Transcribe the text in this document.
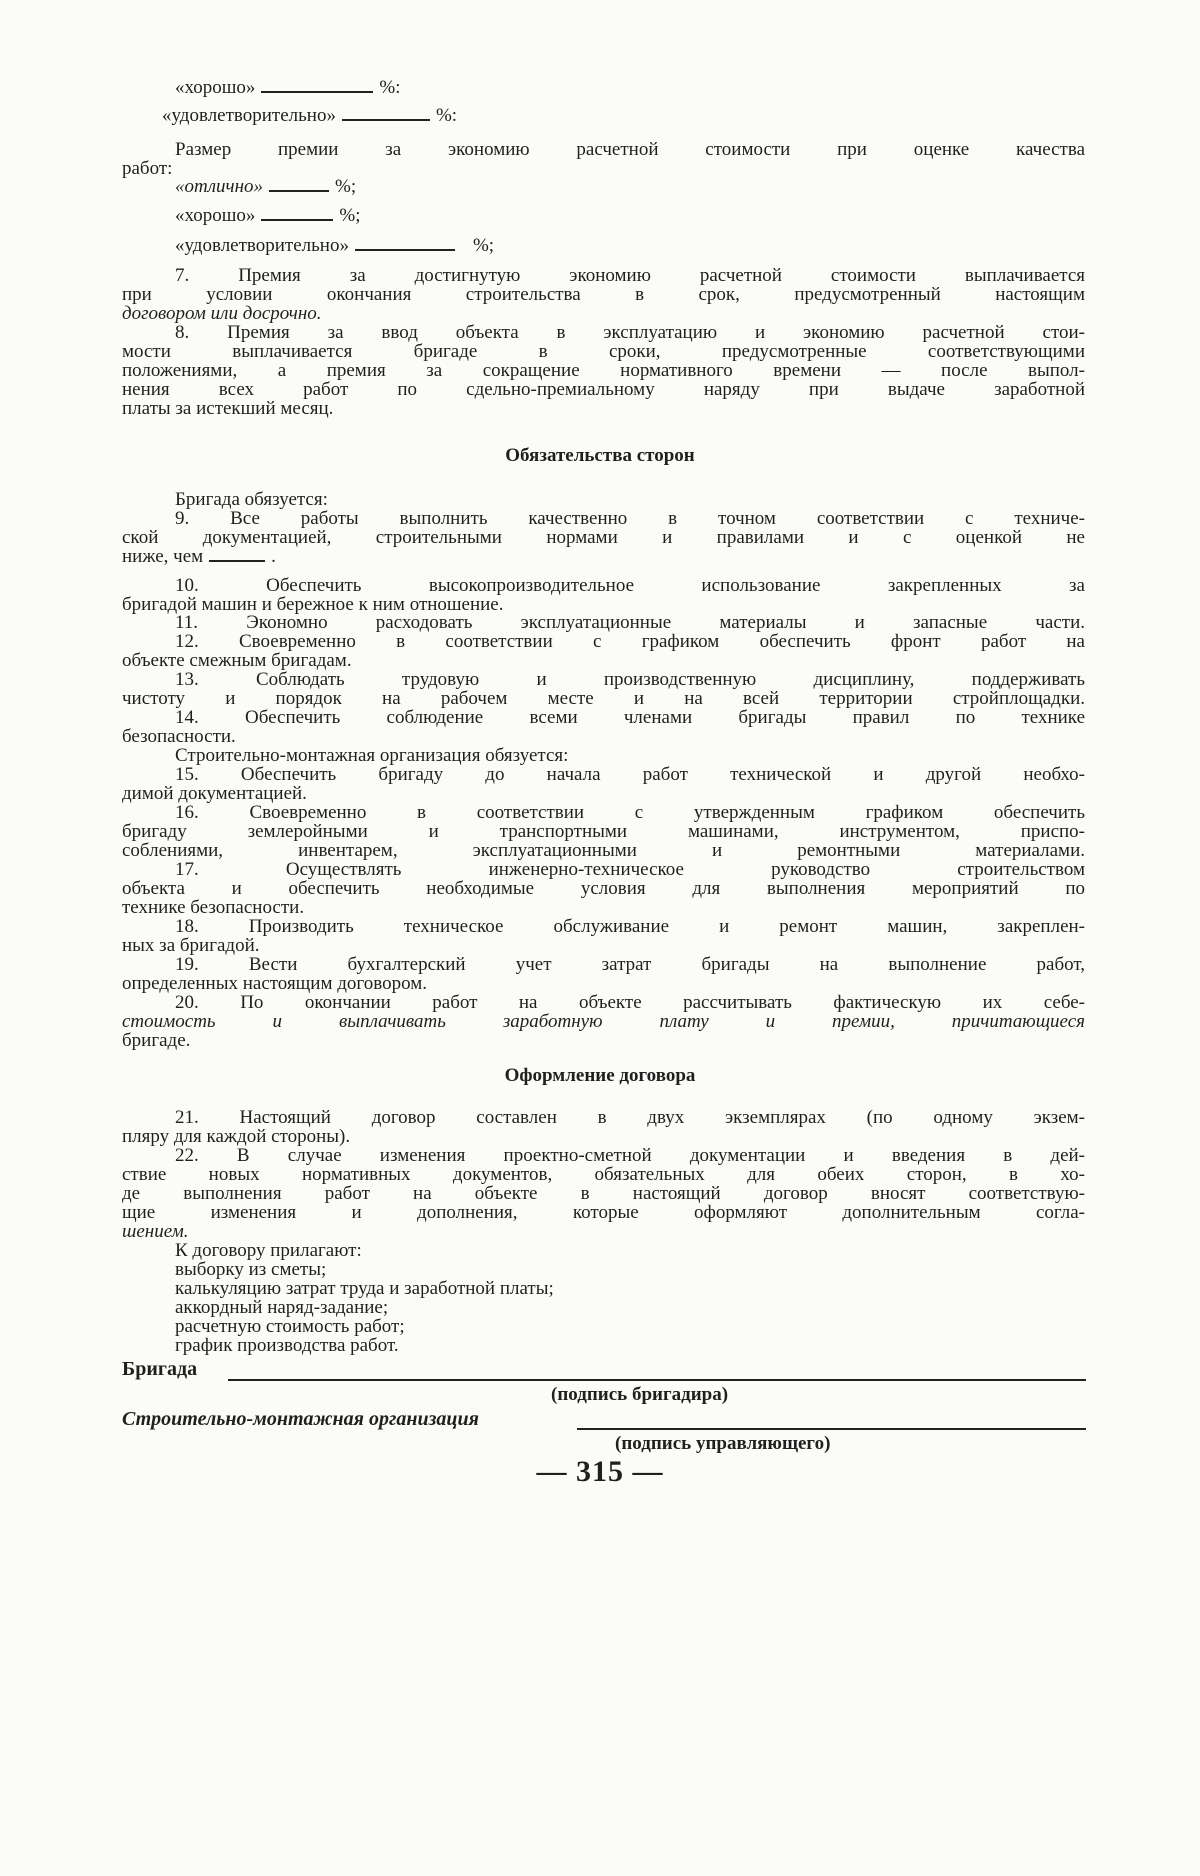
«хорошо»	%:
«удовлетворительно»	%:
Размер премии за экономию расчетной стоимости при оценке качества
работ:
«отлично»	%;
«хорошо»	%;
«удовлетворительно»	%;
7. Премия за достигнутую экономию расчетной стоимости выплачивается
при условии окончания строительства в срок, предусмотренный настоящим
договором или досрочно.
8. Премия за ввод объекта в эксплуатацию и экономию расчетной стои-
мости выплачивается бригаде в сроки, предусмотренные соответствующими
положениями, а премия за сокращение нормативного времени — после выпол-
нения всех работ по сдельно-премиальному наряду при выдаче заработной
платы за истекший месяц.
Обязательства сторон
Бригада обязуется:
9. Все работы выполнить качественно в точном соответствии с техниче-
ской документацией, строительными нормами и правилами и с оценкой не
ниже, чем	.
10. Обеспечить высокопроизводительное использование закрепленных за
бригадой машин и бережное к ним отношение.
11. Экономно расходовать эксплуатационные материалы и запасные части.
12. Своевременно в соответствии с графиком обеспечить фронт работ на
объекте смежным бригадам.
13. Соблюдать трудовую и производственную дисциплину, поддерживать
чистоту и порядок на рабочем месте и на всей территории стройплощадки.
14. Обеспечить соблюдение всеми членами бригады правил по технике
безопасности.
Строительно-монтажная организация обязуется:
15. Обеспечить бригаду до начала работ технической и другой необхо-
димой документацией.
16. Своевременно в соответствии с утвержденным графиком обеспечить
бригаду землеройными и транспортными машинами, инструментом, приспо-
соблениями, инвентарем, эксплуатационными и ремонтными материалами.
17. Осуществлять инженерно-техническое руководство строительством
объекта и обеспечить необходимые условия для выполнения мероприятий по
технике безопасности.
18. Производить техническое обслуживание и ремонт машин, закреплен-
ных за бригадой.
19. Вести бухгалтерский учет затрат бригады на выполнение работ,
определенных настоящим договором.
20. По окончании работ на объекте рассчитывать фактическую их себе-
стоимость и выплачивать заработную плату и премии, причитающиеся
бригаде.
Оформление договора
21. Настоящий договор составлен в двух экземплярах (по одному экзем-
пляру для каждой стороны).
22. В случае изменения проектно-сметной документации и введения в дей-
ствие новых нормативных документов, обязательных для обеих сторон, в хо-
де выполнения работ на объекте в настоящий договор вносят соответствую-
щие изменения и дополнения, которые оформляют дополнительным согла-
шением.
К договору прилагают:
выборку из сметы;
калькуляцию затрат труда и заработной платы;
аккордный наряд-задание;
расчетную стоимость работ;
график производства работ.
Бригада
(подпись бригадира)
Строительно-монтажная организация
(подпись управляющего)
— 315 —
